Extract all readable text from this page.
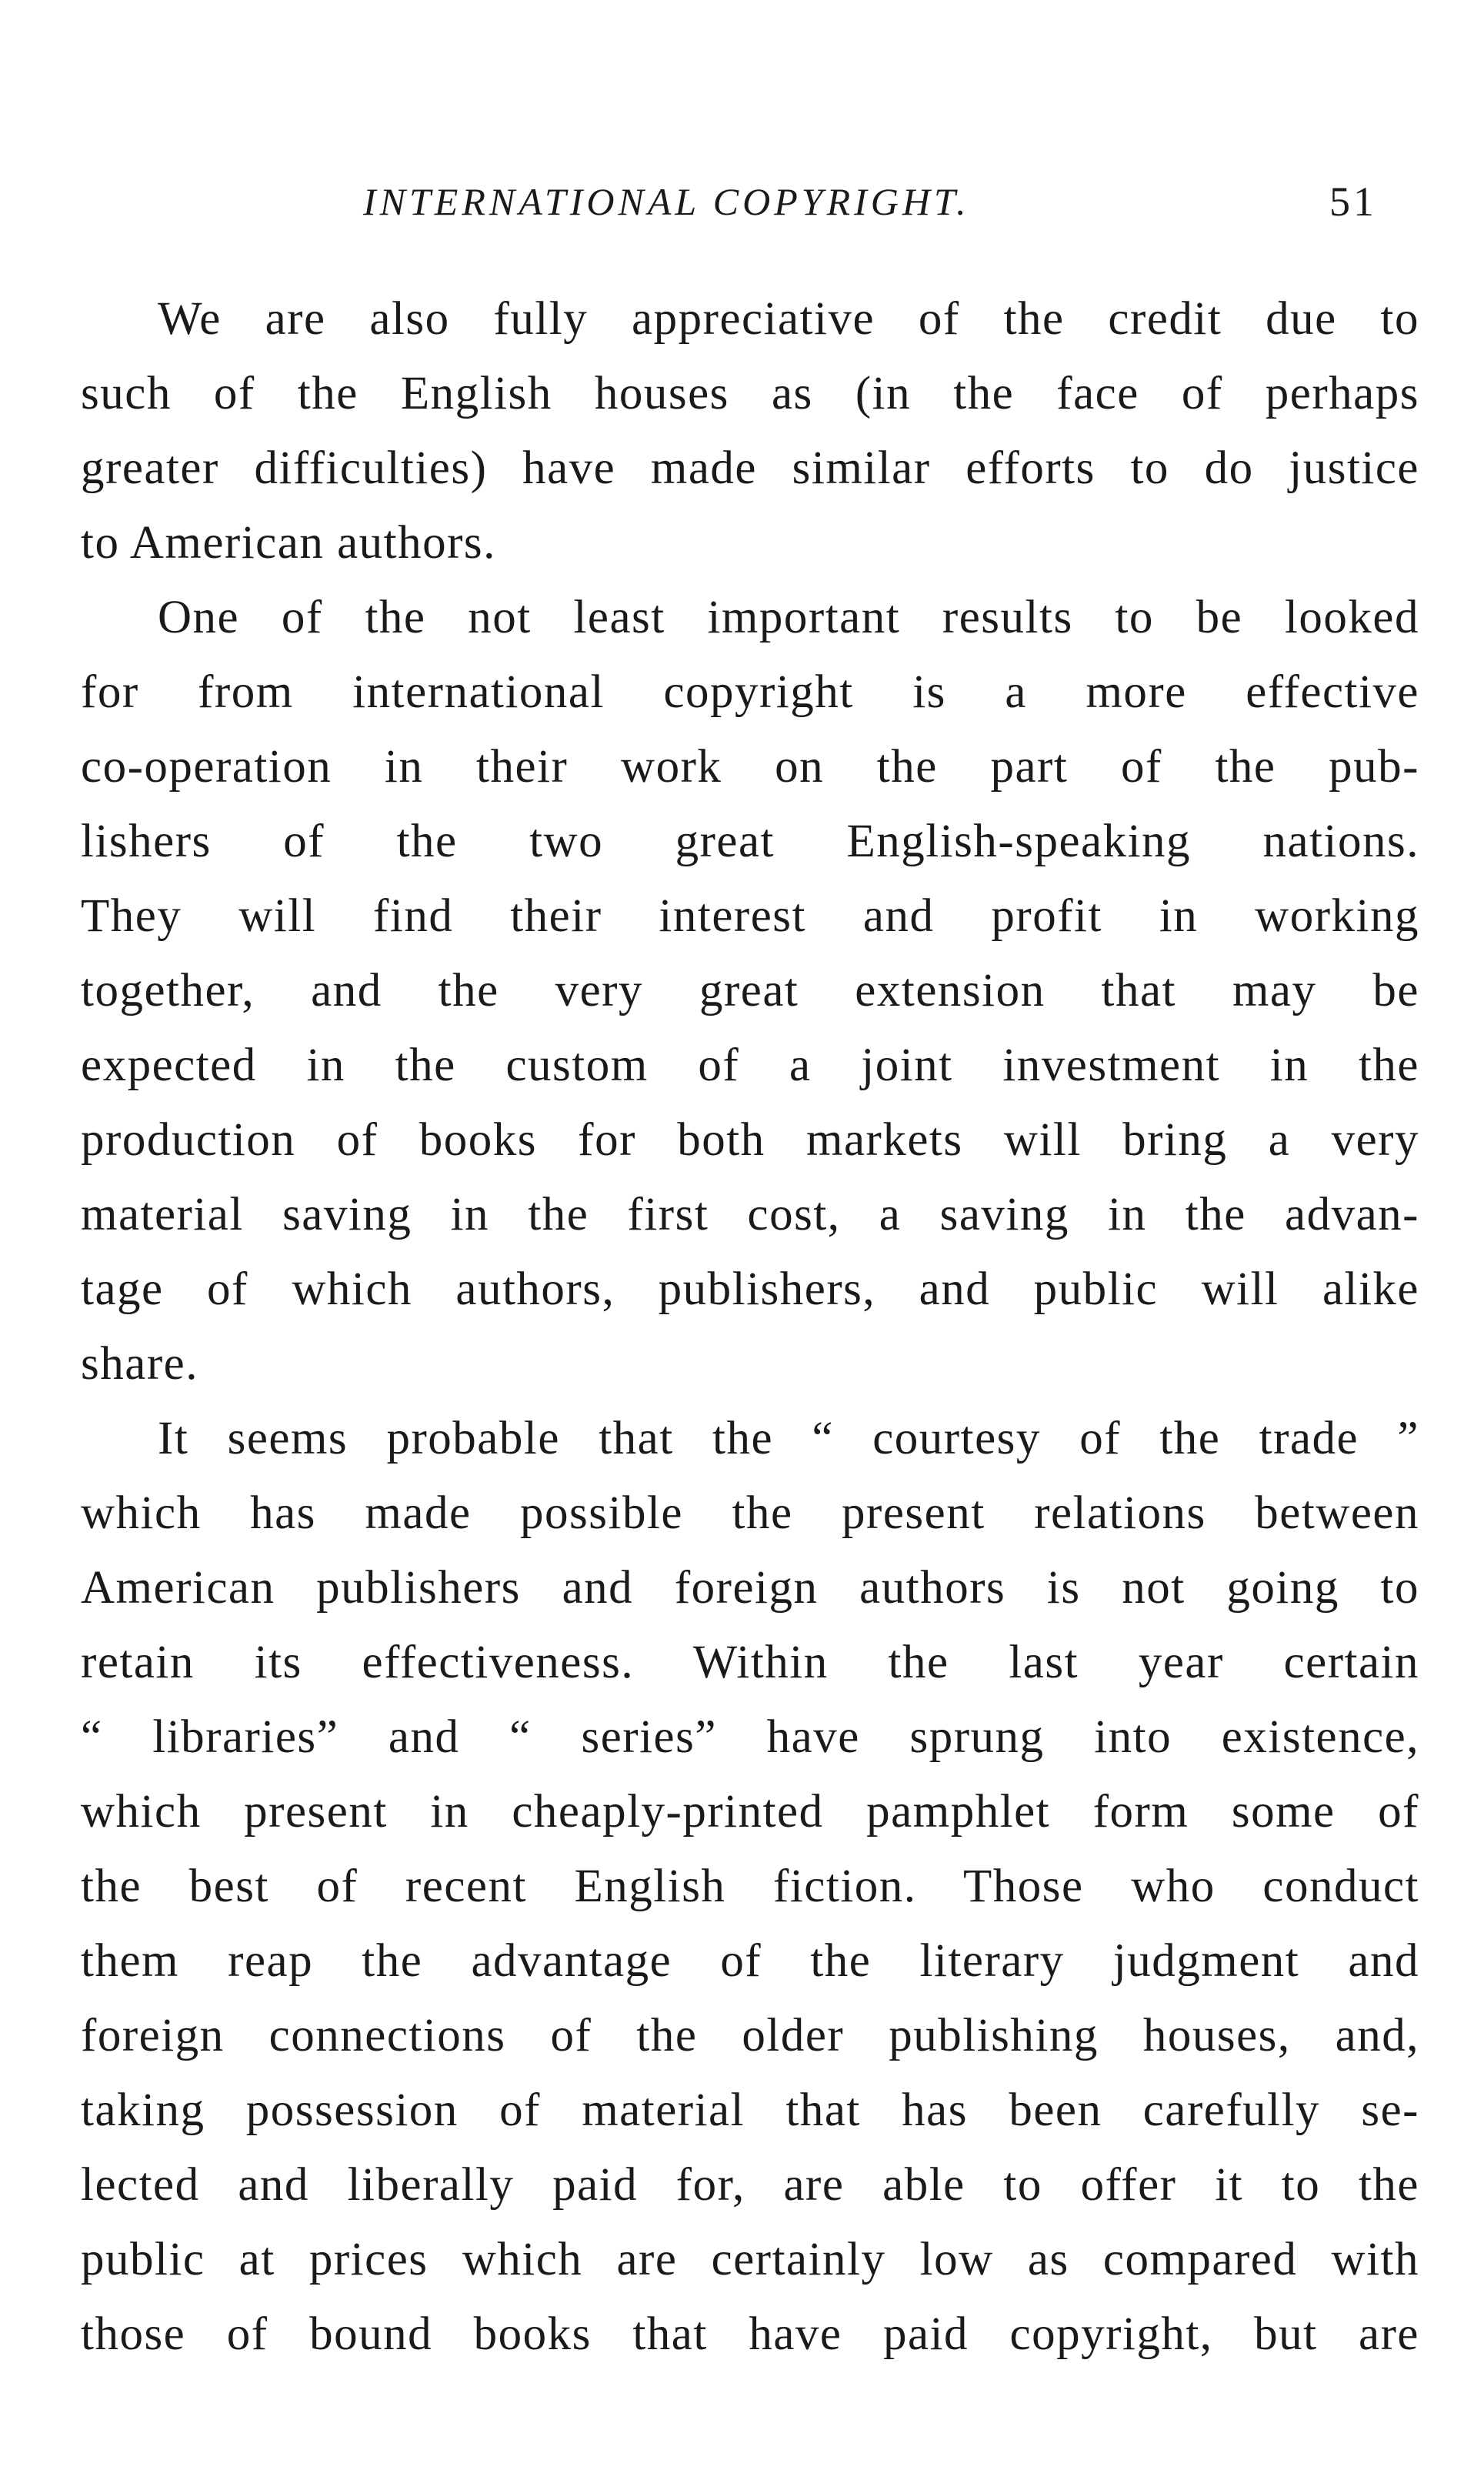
INTERNATIONAL COPYRIGHT.	51
We are also fully appreciative of the credit due to
such of the English houses as (in the face of perhaps
greater difficulties) have made similar efforts to do justice
to American authors.
One of the not least important results to be looked
for from international copyright is a more effective
co-operation in their work on the part of the pub-
lishers of the two great English-speaking nations.
They will find their interest and profit in working
together, and the very great extension that may be
expected in the custom of a joint investment in the
production of books for both markets will bring a very
material saving in the first cost, a saving in the advan-
tage of which authors, publishers, and public will alike
share.
It seems probable that the “ courtesy of the trade ”
which has made possible the present relations between
American publishers and foreign authors is not going to
retain its effectiveness. Within the last year certain
“ libraries” and “ series” have sprung into existence,
which present in cheaply-printed pamphlet form some of
the best of recent English fiction. Those who conduct
them reap the advantage of the literary judgment and
foreign connections of the older publishing houses, and,
taking possession of material that has been carefully se-
lected and liberally paid for, are able to offer it to the
public at prices which are certainly low as compared with
those of bound books that have paid copyright, but are
